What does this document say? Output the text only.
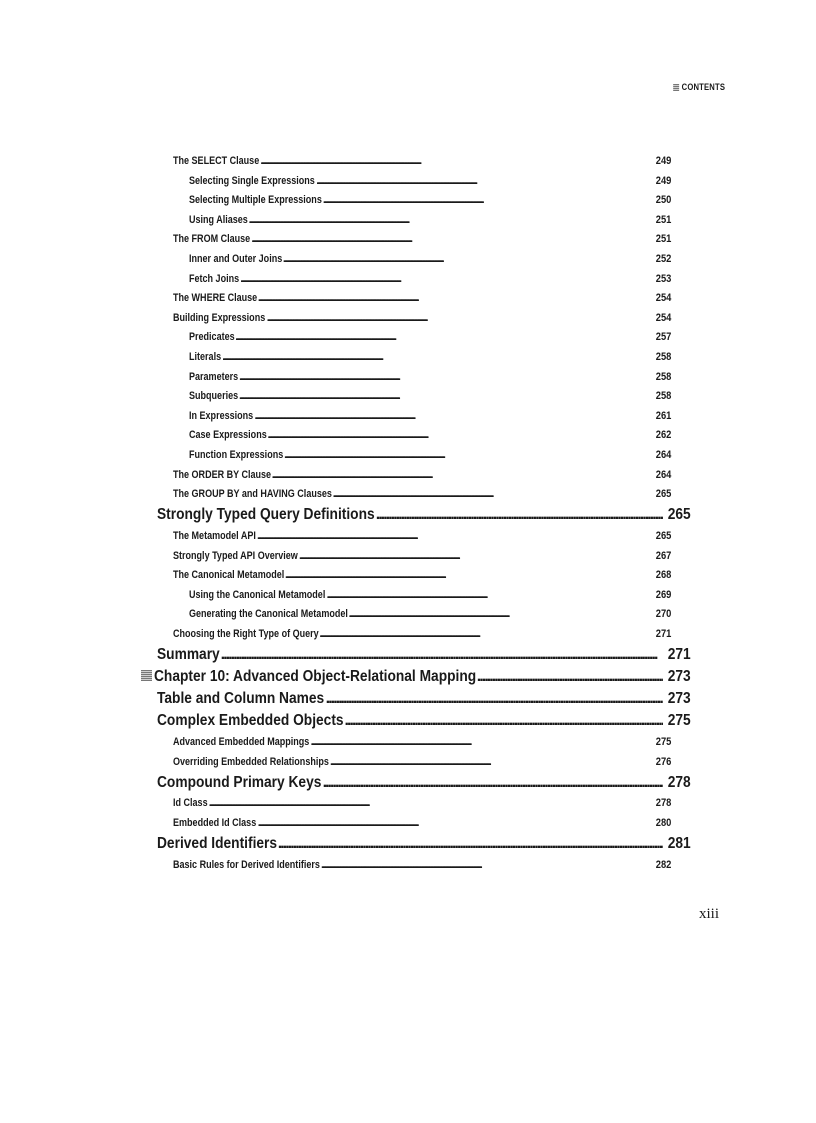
CONTENTS
The SELECT Clause . . .	249
Selecting Single Expressions . . .	249
Selecting Multiple Expressions . . .	250
Using Aliases . . .	251
The FROM Clause . . .	251
Inner and Outer Joins . . .	252
Fetch Joins . . .	253
The WHERE Clause . . .	254
Building Expressions . . .	254
Predicates . . .	257
Literals . . .	258
Parameters . . .	258
Subqueries . . .	258
In Expressions . . .	261
Case Expressions . . .	262
Function Expressions . . .	264
The ORDER BY Clause . . .	264
The GROUP BY and HAVING Clauses . . .	265
Strongly Typed Query Definitions . . .	265
The Metamodel API . . .	265
Strongly Typed API Overview . . .	267
The Canonical Metamodel . . .	268
Using the Canonical Metamodel . . .	269
Generating the Canonical Metamodel . . .	270
Choosing the Right Type of Query . . .	271
Summary . . .	271
Chapter 10: Advanced Object-Relational Mapping . . .	273
Table and Column Names . . .	273
Complex Embedded Objects . . .	275
Advanced Embedded Mappings . . .	275
Overriding Embedded Relationships . . .	276
Compound Primary Keys . . .	278
Id Class . . .	278
Embedded Id Class . . .	280
Derived Identifiers . . .	281
Basic Rules for Derived Identifiers . . .	282
xiii
